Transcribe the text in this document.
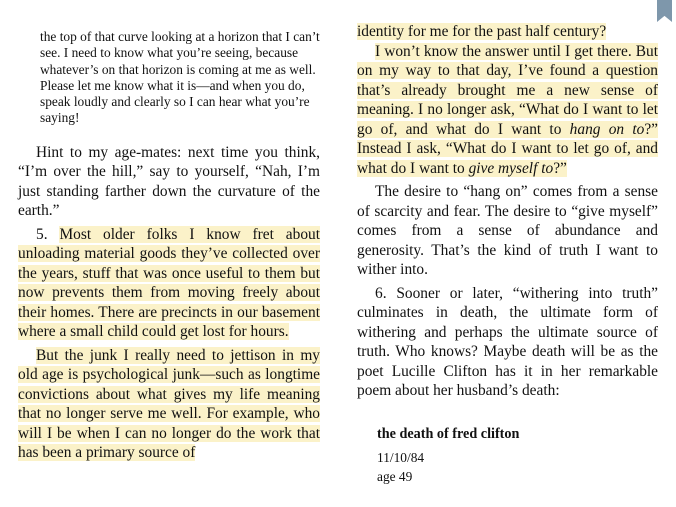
the top of that curve looking at a horizon that I can’t see. I need to know what you’re seeing, because whatever’s on that horizon is coming at me as well. Please let me know what it is—and when you do, speak loudly and clearly so I can hear what you’re saying!

Hint to my age-mates: next time you think, “I’m over the hill,” say to yourself, “Nah, I’m just standing farther down the curvature of the earth.”

5. Most older folks I know fret about unloading material goods they’ve collected over the years, stuff that was once useful to them but now prevents them from moving freely about their homes. There are precincts in our basement where a small child could get lost for hours.

But the junk I really need to jettison in my old age is psychological junk—such as longtime convictions about what gives my life meaning that no longer serve me well. For example, who will I be when I can no longer do the work that has been a primary source of

identity for me for the past half century?

I won’t know the answer until I get there. But on my way to that day, I’ve found a question that’s already brought me a new sense of meaning. I no longer ask, “What do I want to let go of, and what do I want to hang on to?” Instead I ask, “What do I want to let go of, and what do I want to give myself to?”

The desire to “hang on” comes from a sense of scarcity and fear. The desire to “give myself” comes from a sense of abundance and generosity. That’s the kind of truth I want to wither into.

6. Sooner or later, “withering into truth” culminates in death, the ultimate form of withering and perhaps the ultimate source of truth. Who knows? Maybe death will be as the poet Lucille Clifton has it in her remarkable poem about her husband’s death:

the death of fred clifton
11/10/84
age 49
